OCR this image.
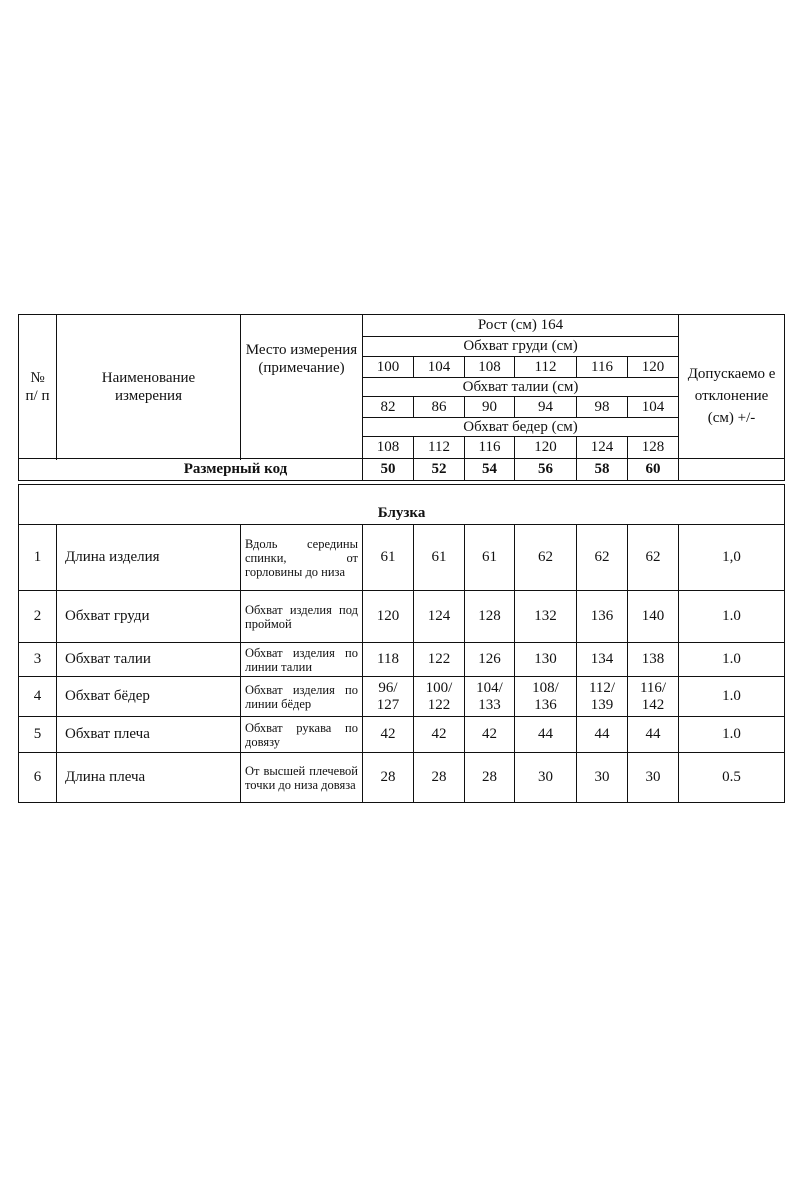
№ п/ п	Наименование измерения	Место измерения (примечание)	Рост (см) 164						Допускаемо е отклонение (см) +/-

			Обхват груди (см)						
			100	104	108	112	116	120	
			Обхват талии (см)						
			82	86	90	94	98	104	
			Обхват бедер (см)						
			108	112	116	120	124	128	

Размерный код			50	52	54	56	58	60	

Блузка									
1	Длина изделия	Вдоль середины спинки, от горловины до низа	61	61	61	62	62	62	1,0
2	Обхват груди	Обхват изделия под проймой	120	124	128	132	136	140	1.0
3	Обхват талии	Обхват изделия по линии талии	118	122	126	130	134	138	1.0
4	Обхват бёдер	Обхват изделия по линии бёдер	96/ 127	100/ 122	104/ 133	108/ 136	112/ 139	116/ 142	1.0
5	Обхват плеча	Обхват рукава по довязу	42	42	42	44	44	44	1.0
6	Длина плеча	От высшей плечевой точки до низа довяза	28	28	28	30	30	30	0.5
